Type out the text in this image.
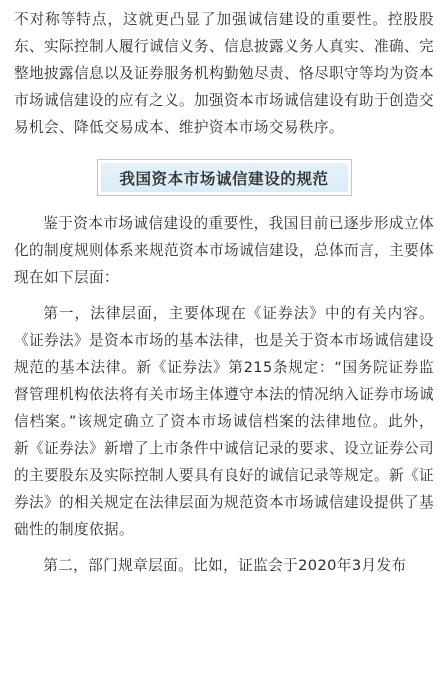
不对称等特点，这就更凸显了加强诚信建设的重要性。控股股东、实际控制人履行诚信义务、信息披露义务人真实、准确、完整地披露信息以及证券服务机构勤勉尽责、恪尽职守等均为资本市场诚信建设的应有之义。加强资本市场诚信建设有助于创造交易机会、降低交易成本、维护资本市场交易秩序。

我国资本市场诚信建设的规范

鉴于资本市场诚信建设的重要性，我国目前已逐步形成立体化的制度规则体系来规范资本市场诚信建设，总体而言，主要体现在如下层面：

第一，法律层面，主要体现在《证券法》中的有关内容。《证券法》是资本市场的基本法律，也是关于资本市场诚信建设规范的基本法律。新《证券法》第215条规定：“国务院证券监督管理机构依法将有关市场主体遵守本法的情况纳入证券市场诚信档案。”该规定确立了资本市场诚信档案的法律地位。此外，新《证券法》新增了上市条件中诚信记录的要求、设立证券公司的主要股东及实际控制人要具有良好的诚信记录等规定。新《证券法》的相关规定在法律层面为规范资本市场诚信建设提供了基础性的制度依据。

第二，部门规章层面。比如，证监会于2020年3月发布
